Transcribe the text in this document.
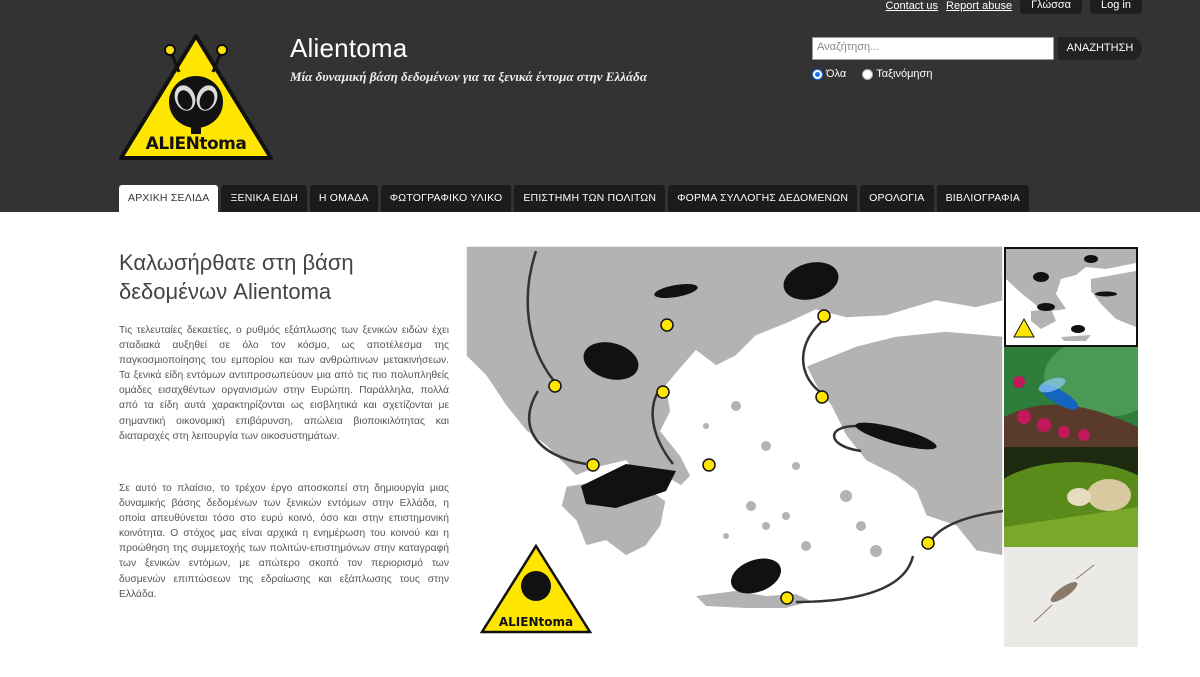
Contact us Report abuse	Γλώσσα	Log in
ALIENtoma
Alientoma
Μία δυναμική βάση δεδομένων για τα ξενικά έντομα στην Ελλάδα
Αναζήτηση...	ΑΝΑΖΗΤΗΣΗ
Όλα	Ταξινόμηση
ΑΡΧΙΚΗ ΣΕΛΙΔΑ	ΞΕΝΙΚΑ ΕΙΔΗ	Η ΟΜΑΔΑ	ΦΩΤΟΓΡΑΦΙΚΟ ΥΛΙΚΟ	ΕΠΙΣΤΗΜΗ ΤΩΝ ΠΟΛΙΤΩΝ	ΦΟΡΜΑ ΣΥΛΛΟΓΗΣ ΔΕΔΟΜΕΝΩΝ	ΟΡΟΛΟΓΙΑ	ΒΙΒΛΙΟΓΡΑΦΙΑ
Καλωσήρθατε στη βάση δεδομένων Alientoma

Τις τελευταίες δεκαετίες, ο ρυθμός εξάπλωσης των ξενικών ειδών έχει σταδιακά αυξηθεί σε όλο τον κόσμο, ως αποτέλεσμα της παγκοσμιοποίησης του εμπορίου και των ανθρώπινων μετακινήσεων. Τα ξενικά είδη εντόμων αντιπροσωπεύουν μια από τις πιο πολυπληθείς ομάδες εισαχθέντων οργανισμών στην Ευρώπη. Παράλληλα, πολλά από τα είδη αυτά χαρακτηρίζονται ως εισβλητικά και σχετίζονται με σημαντική οικονομική επιβάρυνση, απώλεια βιοποικιλότητας και διαταραχές στη λειτουργία των οικοσυστημάτων.

Σε αυτό το πλαίσιο, το τρέχον έργο αποσκοπεί στη δημιουργία μιας δυναμικής βάσης δεδομένων των ξενικών εντόμων στην Ελλάδα, η οποία απευθύνεται τόσο στο ευρύ κοινό, όσο και στην επιστημονική κοινότητα. Ο στόχος μας είναι αρχικά η ενημέρωση του κοινού και η προώθηση της συμμετοχής των πολιτών-επιστημόνων στην καταγραφή των ξενικών εντόμων, με απώτερο σκοπό τον περιορισμό των δυσμενών επιπτώσεων της εδραίωσης και εξάπλωσης τους στην Ελλάδα.

ALIENtoma
